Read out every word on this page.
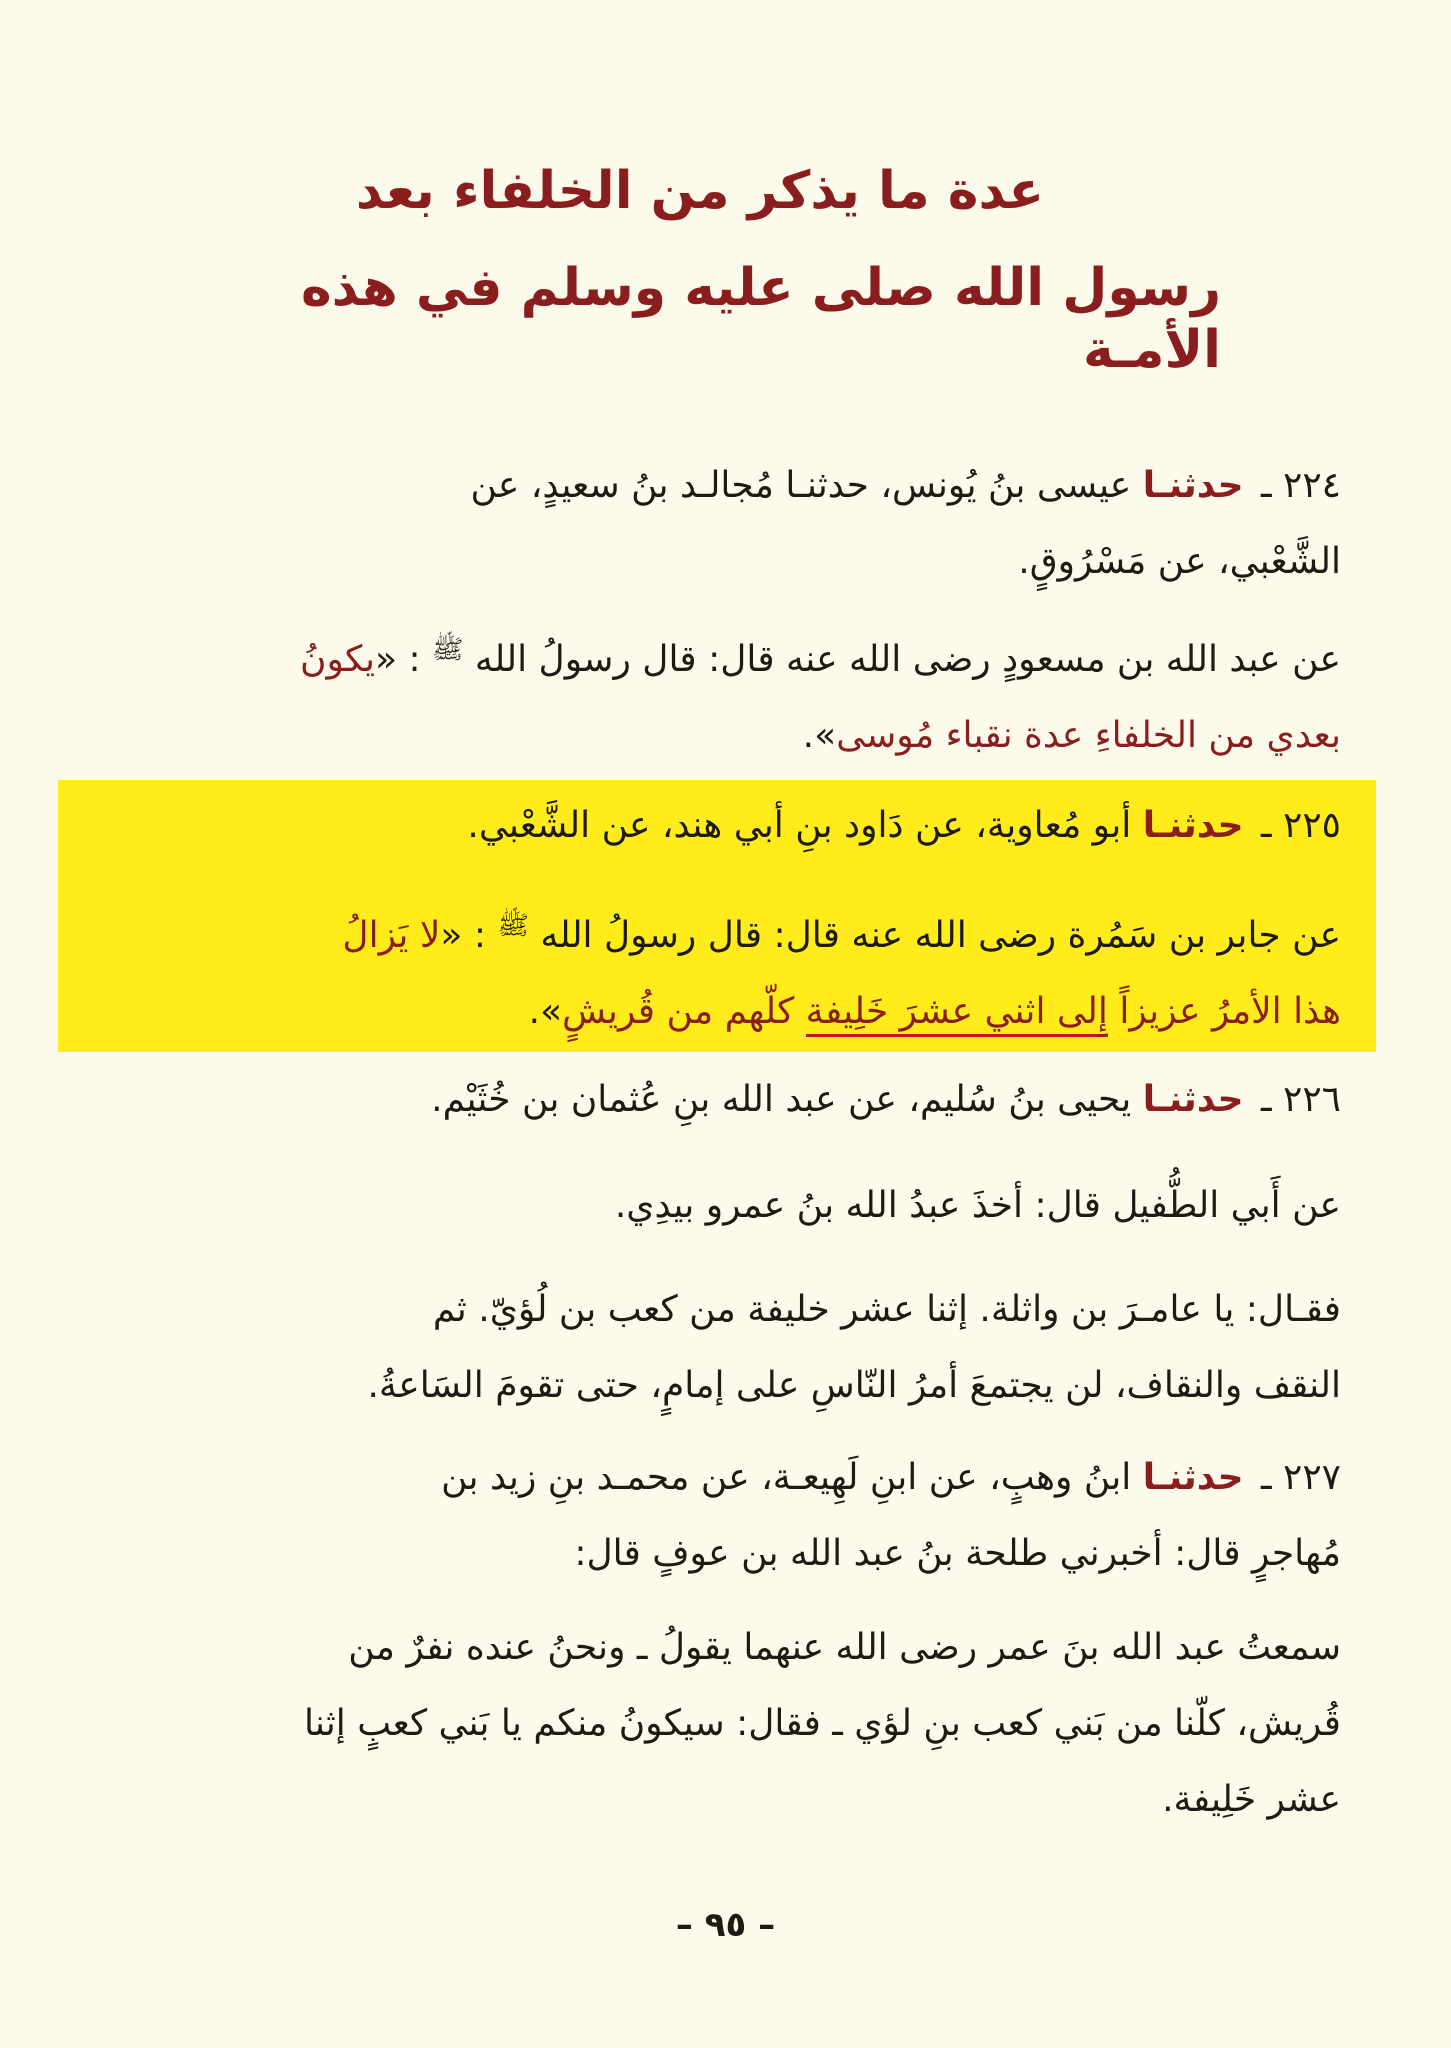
عدة ما يذكر من الخلفاء بعد
رسول الله صلى عليه وسلم في هذه الأمـة

٢٢٤ ـ حدثنـا عيسى بنُ يُونس، حدثنـا مُجالـد بنُ سعيدٍ، عن
الشَّعْبي، عن مَسْرُوقٍ.

عن عبد الله بن مسعودٍ رضى الله عنه قال: قال رسولُ الله $^ﷺ$ : «يكونُ
بعدي من الخلفاءِ عدة نقباء مُوسى».

٢٢٥ ـ حدثنـا أبو مُعاوية، عن دَاود بنِ أبي هند، عن الشَّعْبي.

عن جابر بن سَمُرة رضى الله عنه قال: قال رسولُ الله $^ﷺ$ : «لا يَزالُ
هذا الأمرُ عزيزاً إِلى اثني عشرَ خَلِيفة كلّهم من قُريشٍ».

٢٢٦ ـ حدثنـا يحيى بنُ سُليم، عن عبد الله بنِ عُثمان بن خُثَيْم.

عن أَبي الطُّفيل قال: أخذَ عبدُ الله بنُ عمرو بيدِي.

فقـال: يا عامـرَ بن واثلة. إثنا عشر خليفة من كعب بن لُؤيّ. ثم
النقف والنقاف، لن يجتمعَ أمرُ النّاسِ على إمامٍ، حتى تقومَ السَاعةُ.

٢٢٧ ـ حدثنـا ابنُ وهبٍ، عن ابنِ لَهِيعـة، عن محمـد بنِ زيد بن
مُهاجرٍ قال: أخبرني طلحة بنُ عبد الله بن عوفٍ قال:

سمعتُ عبد الله بنَ عمر رضى الله عنهما يقولُ ـ ونحنُ عنده نفرٌ من
قُريش، كلّنا من بَني كعب بنِ لؤي ـ فقال: سيكونُ منكم يا بَني كعبٍ إثنا
عشر خَلِيفة.

– ٩٥ –
